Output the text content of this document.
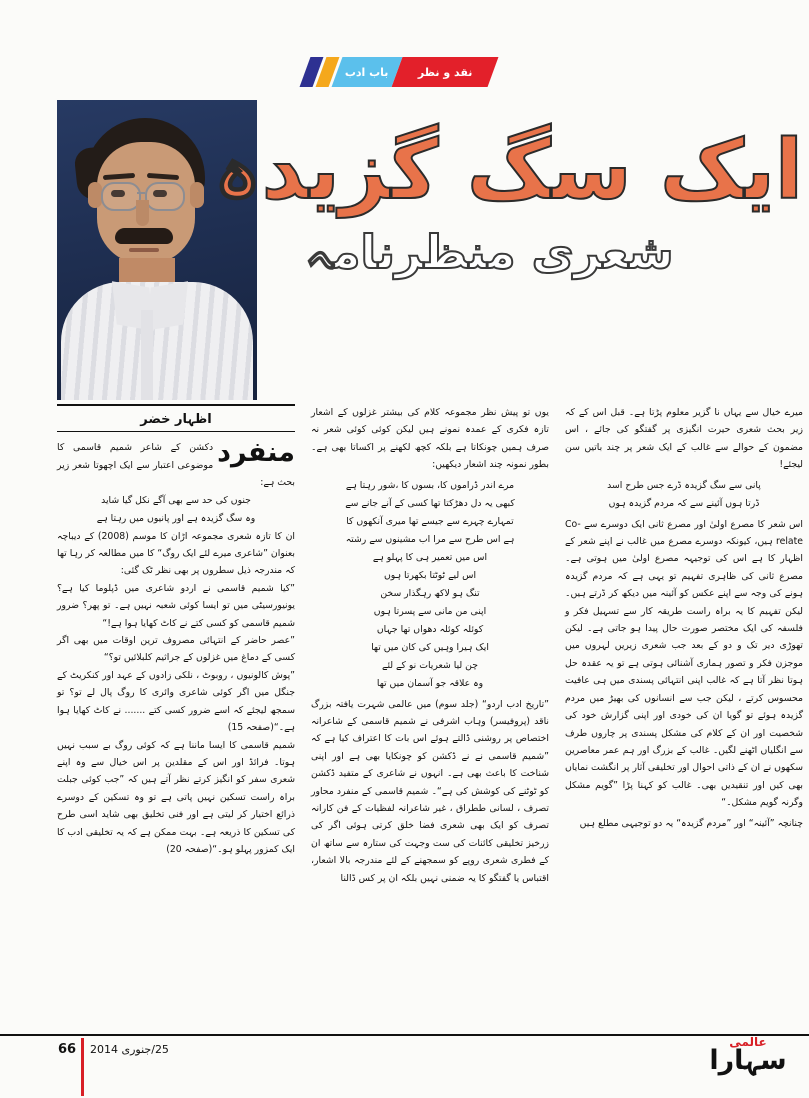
نقد و نظر
باب ادب
ایک سگ گزیدہ
شعری منظرنامہ
اظہار خضر

منفرد
دکشن کے شاعر شمیم قاسمی کا موضوعی اعتبار سے ایک اچھوتا شعر زیر بحث ہے:

جنوں کی حد سے بھی آگے نکل گیا شاید

وہ سگ گزیدہ ہے اور پانیوں میں رہتا ہے

ان کا تازہ شعری مجموعہ اڑان کا موسم (2008) کے دیباچہ بعنوان ”شاعری میرے لئے ایک روگ“ کا میں مطالعہ کر رہا تھا کہ مندرجہ ذیل سطروں پر بھی نظر ٹک گئی:

”کیا شمیم قاسمی نے اردو شاعری میں ڈپلوما کیا ہے؟ یونیورسیٹی میں تو ایسا کوئی شعبہ نہیں ہے۔ تو پھر؟ ضرور شمیم قاسمی کو کسی کتے نے کاٹ کھایا ہوا ہے!“

”عصر حاضر کے انتہائی مصروف ترین اوقات میں بھی اگر کسی کے دماغ میں غزلوں کے جراثیم کلبلائیں تو؟“

”پوش کالونیوں ، روبوٹ ، نلکی زادوں کے عہد اور کنکریٹ کے جنگل میں اگر کوئی شاعری وائری کا روگ پال لے تو؟ تو سمجھ لیجئے کہ اسے ضرور کسی کتے ....... نے کاٹ کھایا ہوا ہے۔“(صفحہ 15)

شمیم قاسمی کا ایسا ماننا ہے کہ کوئی روگ بے سبب نہیں ہوتا۔ فرائڈ اور اس کے مقلدین پر اس خیال سے وہ اپنے شعری سفر کو انگیز کرتے نظر آتے ہیں کہ ”جب کوئی جبلت براہ راست تسکین نہیں پاتی ہے تو وہ تسکین کے دوسرے ذرائع اختیار کر لیتی ہے اور فنی تخلیق بھی شاید اسی طرح کی تسکین کا ذریعہ ہے۔ بہت ممکن ہے کہ یہ تخلیقی ادب کا ایک کمزور پہلو ہو۔“(صفحہ 20)

یوں تو پیش نظر مجموعہ کلام کی بیشتر غزلوں کے اشعار تازہ فکری کے عمدہ نمونے ہیں لیکن کوئی کوئی شعر نہ صرف ہمیں چونکاتا ہے بلکہ کچھ لکھنے پر اکساتا بھی ہے۔ بطور نمونہ چند اشعار دیکھیں:

مرے اندر ڈراموں کا، بسوں کا ،شور رہتا ہے

کبھی یہ دل دھڑکتا تھا کسی کے آنے جانے سے

تمہارے چہرے سے جیسے تھا میری آنکھوں کا

ہے اس طرح سے مرا اب مشینوں سے رشتہ

اس میں تعمیر ہی کا پہلو ہے

اس لیے ٹوٹتا بکھرتا ہوں

تنگ ہو لاکھ رہگذار سخن

اپنی من مانی سے پسرتا ہوں

کوئلہ کوئلہ دھواں تھا جہاں

ایک ہیرا وہیں کی کان میں تھا

چن لیا شعریات نو کے لئے

وہ علاقہ جو آسمان میں تھا

”تاریخ ادب اردو“ (جلد سوم) میں عالمی شہرت یافتہ بزرگ ناقد (پروفیسر) وہاب اشرفی نے شمیم قاسمی کے شاعرانہ اختصاص پر روشنی ڈالتے ہوئے اس بات کا اعتراف کیا ہے کہ ”شمیم قاسمی نے نے ڈکشن کو چونکایا بھی ہے اور اپنی شناخت کا باعث بھی ہے۔ انہوں نے شاعری کے متفید ڈکشن کو ٹوٹنے کی کوشش کی ہے“۔ شمیم قاسمی کے منفرد محاور تصرف ، لسانی ططراق ، غیر شاعرانہ لفظیات کے فن کارانہ تصرف کو ایک بھی شعری فضا خلق کرتی ہوئی اگر کی زرخیز تخلیقی کائنات کی ست وجہت کی ستارہ سے ساتھ ان کے فطری شعری روپے کو سمجھنے کے لئے مندرجہ بالا اشعار، اقتباس یا گفتگو کا یہ ضمنی نہیں بلکہ ان پر کس ڈالنا

میرے خیال سے یہاں نا گزیر معلوم پڑتا ہے۔ قبل اس کے کہ زیر بحث شعری حیرت انگیزی پر گفتگو کی جائے ، اس مضمون کے حوالے سے غالب کے ایک شعر پر چند باتیں سن لیجئے!

پانی سے سگ گزیدہ ڈرے جس طرح اسد

ڈرتا ہوں آئینے سے کہ مردم گزیدہ ہوں

اس شعر کا مصرع اولیٰ اور مصرع ثانی ایک دوسرے سے Co-relate ہیں، کیونکہ دوسرے مصرع میں غالب نے اپنے شعر کے اظہار کا ہے اس کی توجیہہ مصرع اولیٰ میں ہوتی ہے۔ مصرع ثانی کی ظاہری تفہیم تو یہی ہے کہ مردم گزیدہ ہونے کی وجہ سے اپنے عکس کو آئینہ میں دیکھ کر ڈرتے ہیں۔ لیکن تفہیم کا یہ براہ راست طریقہ کار سے تسہیل فکر و فلسفہ کی ایک مختصر صورت حال پیدا ہو جاتی ہے۔ لیکن تھوڑی دیر تک و دو کے بعد جب شعری زیریں لہروں میں موجزن فکر و تصور ہماری آشنائی ہوتی ہے تو یہ عقدہ حل ہوتا نظر آتا ہے کہ غالب اپنی انتہائی پسندی میں ہی عافیت محسوس کرتے ، لیکن جب سے انسانوں کی بھیڑ میں مردم گزیدہ ہوئے تو گویا ان کی خودی اور اپنی گزارش خود کی شخصیت اور ان کے کلام کی مشکل پسندی پر چاروں طرف سے انگلیاں اٹھنے لگیں۔ غالب کے بزرگ اور ہم عمر معاصرین سکھوں نے ان کے ذاتی احوال اور تخلیقی آثار پر انگشت نمایاں بھی کیں اور تنقیدیں بھی۔ غالب کو کہنا پڑا ”گویم مشکل وگرنہ گویم مشکل۔“

چنانچہ ”آئینہ“ اور ”مردم گزیدہ“ یہ دو توجیہی مطلع ہیں

66 25/جنوری 2014
عالمی
سہارا
